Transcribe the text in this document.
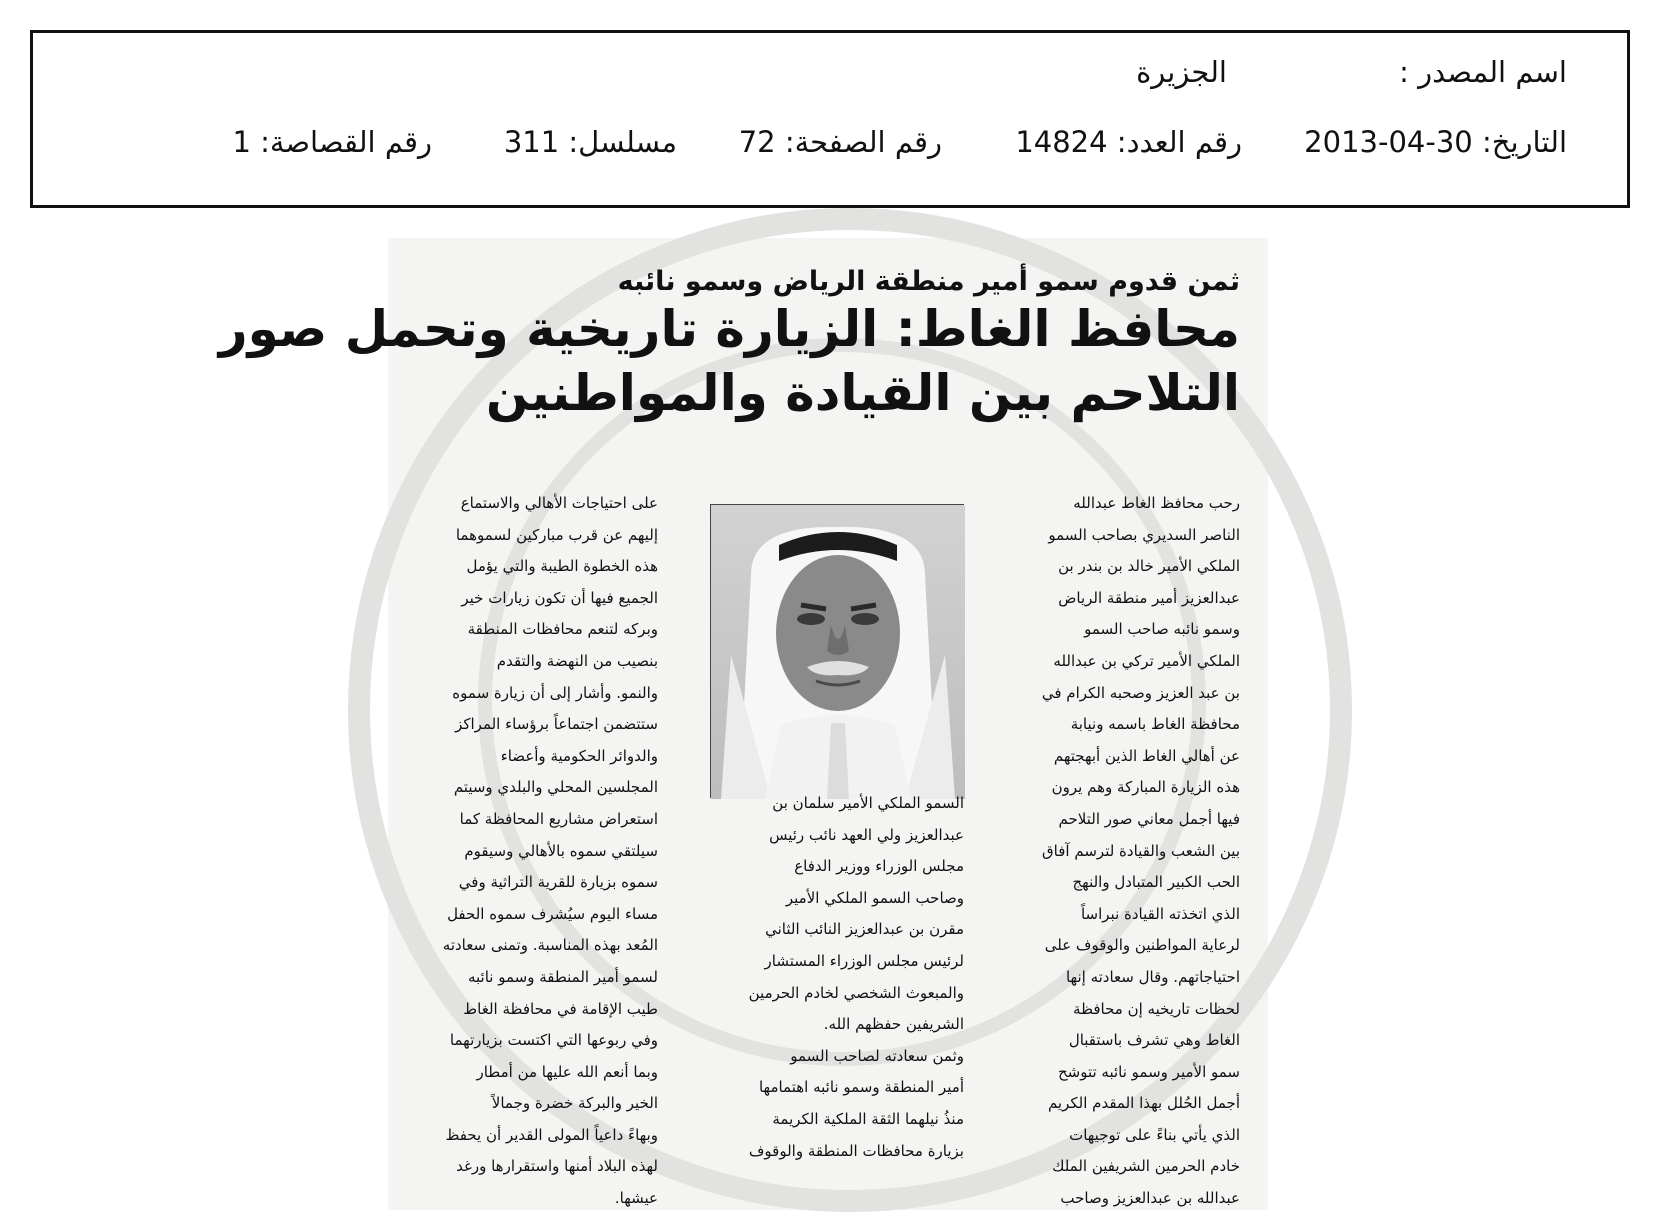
اسم المصدر :
الجزيرة
التاريخ: 30-04-2013
رقم العدد: 14824
رقم الصفحة: 72
مسلسل: 311
رقم القصاصة: 1
ثمن قدوم سمو أمير منطقة الرياض وسمو نائبه
محافظ الغاط: الزيارة تاريخية وتحمل صور
التلاحم بين القيادة والمواطنين
رحب محافظ الغاط عبدالله
الناصر السديري بصاحب السمو
الملكي الأمير خالد بن بندر بن
عبدالعزيز أمير منطقة الرياض
وسمو نائبه صاحب السمو
الملكي الأمير تركي بن عبدالله
بن عبد العزيز وصحبه الكرام في
محافظة الغاط باسمه ونيابة
عن أهالي الغاط الذين أبهجتهم
هذه الزيارة المباركة وهم يرون
فيها أجمل معاني صور التلاحم
بين الشعب والقيادة لترسم آفاق
الحب الكبير المتبادل والنهج
الذي اتخذته القيادة نبراساً
لرعاية المواطنين والوقوف على
احتياجاتهم. وقال سعادته إنها
لحظات تاريخيه إن محافظة
الغاط وهي تشرف باستقبال
سمو الأمير وسمو نائبه تتوشح
أجمل الحُلل بهذا المقدم الكريم
الذي يأتي بناءً على توجيهات
خادم الحرمين الشريفين الملك
عبدالله بن عبدالعزيز وصاحب
السمو الملكي الأمير سلمان بن
عبدالعزيز ولي العهد نائب رئيس
مجلس الوزراء ووزير الدفاع
وصاحب السمو الملكي الأمير
مقرن بن عبدالعزيز النائب الثاني
لرئيس مجلس الوزراء المستشار
والمبعوث الشخصي لخادم الحرمين
الشريفين حفظهم الله.
وثمن سعادته لصاحب السمو
أمير المنطقة وسمو نائبه اهتمامها
منذُ نيلهما الثقة الملكية الكريمة
بزيارة محافظات المنطقة والوقوف
على احتياجات الأهالي والاستماع
إليهم عن قرب مباركين لسموهما
هذه الخطوة الطيبة والتي يؤمل
الجميع فيها أن تكون زيارات خير
وبركه لتنعم محافظات المنطقة
بنصيب من النهضة والتقدم
والنمو. وأشار إلى أن زيارة سموه
ستتضمن اجتماعاً برؤساء المراكز
والدوائر الحكومية وأعضاء
المجلسين المحلي والبلدي وسيتم
استعراض مشاريع المحافظة كما
سيلتقي سموه بالأهالي وسيقوم
سموه بزيارة للقرية التراثية وفي
مساء اليوم سيُشرف سموه الحفل
المُعد بهذه المناسبة. وتمنى سعادته
لسمو أمير المنطقة وسمو نائبه
طيب الإقامة في محافظة الغاط
وفي ربوعها التي اكتست بزيارتهما
وبما أنعم الله عليها من أمطار
الخير والبركة خضرة وجمالاً
وبهاءً داعياً المولى القدير أن يحفظ
لهذه البلاد أمنها واستقرارها ورغد
عيشها.
